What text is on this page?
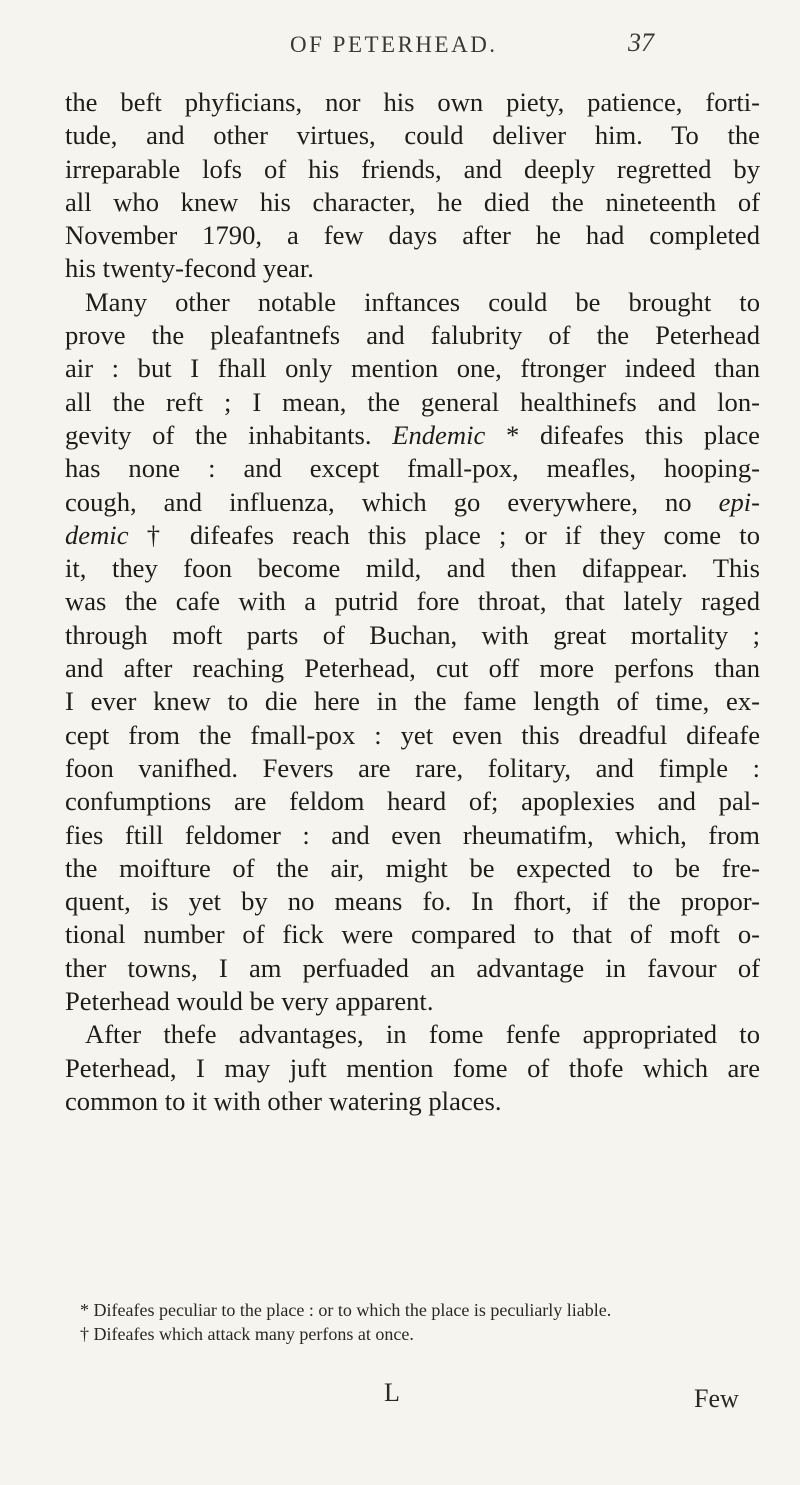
OF PETERHEAD.	37
the beft phyficians, nor his own piety, patience, forti-
tude, and other virtues, could deliver him. To the
irreparable lofs of his friends, and deeply regretted by
all who knew his character, he died the nineteenth of
November 1790, a few days after he had completed
his twenty-fecond year.
Many other notable inftances could be brought to
prove the pleafantnefs and falubrity of the Peterhead
air : but I fhall only mention one, ftronger indeed than
all the reft ; I mean, the general healthinefs and lon-
gevity of the inhabitants. Endemic * difeafes this place
has none : and except fmall-pox, meafles, hooping-
cough, and influenza, which go everywhere, no epi-
demic † difeafes reach this place ; or if they come to
it, they foon become mild, and then difappear. This
was the cafe with a putrid fore throat, that lately raged
through moft parts of Buchan, with great mortality ;
and after reaching Peterhead, cut off more perfons than
I ever knew to die here in the fame length of time, ex-
cept from the fmall-pox : yet even this dreadful difeafe
foon vanifhed. Fevers are rare, folitary, and fimple :
confumptions are feldom heard of; apoplexies and pal-
fies ftill feldomer : and even rheumatifm, which, from
the moifture of the air, might be expected to be fre-
quent, is yet by no means fo. In fhort, if the propor-
tional number of fick were compared to that of moft o-
ther towns, I am perfuaded an advantage in favour of
Peterhead would be very apparent.
After thefe advantages, in fome fenfe appropriated to
Peterhead, I may juft mention fome of thofe which are
common to it with other watering places.
* Difeafes peculiar to the place : or to which the place is peculiarly liable.
† Difeafes which attack many perfons at once.
L	Few
